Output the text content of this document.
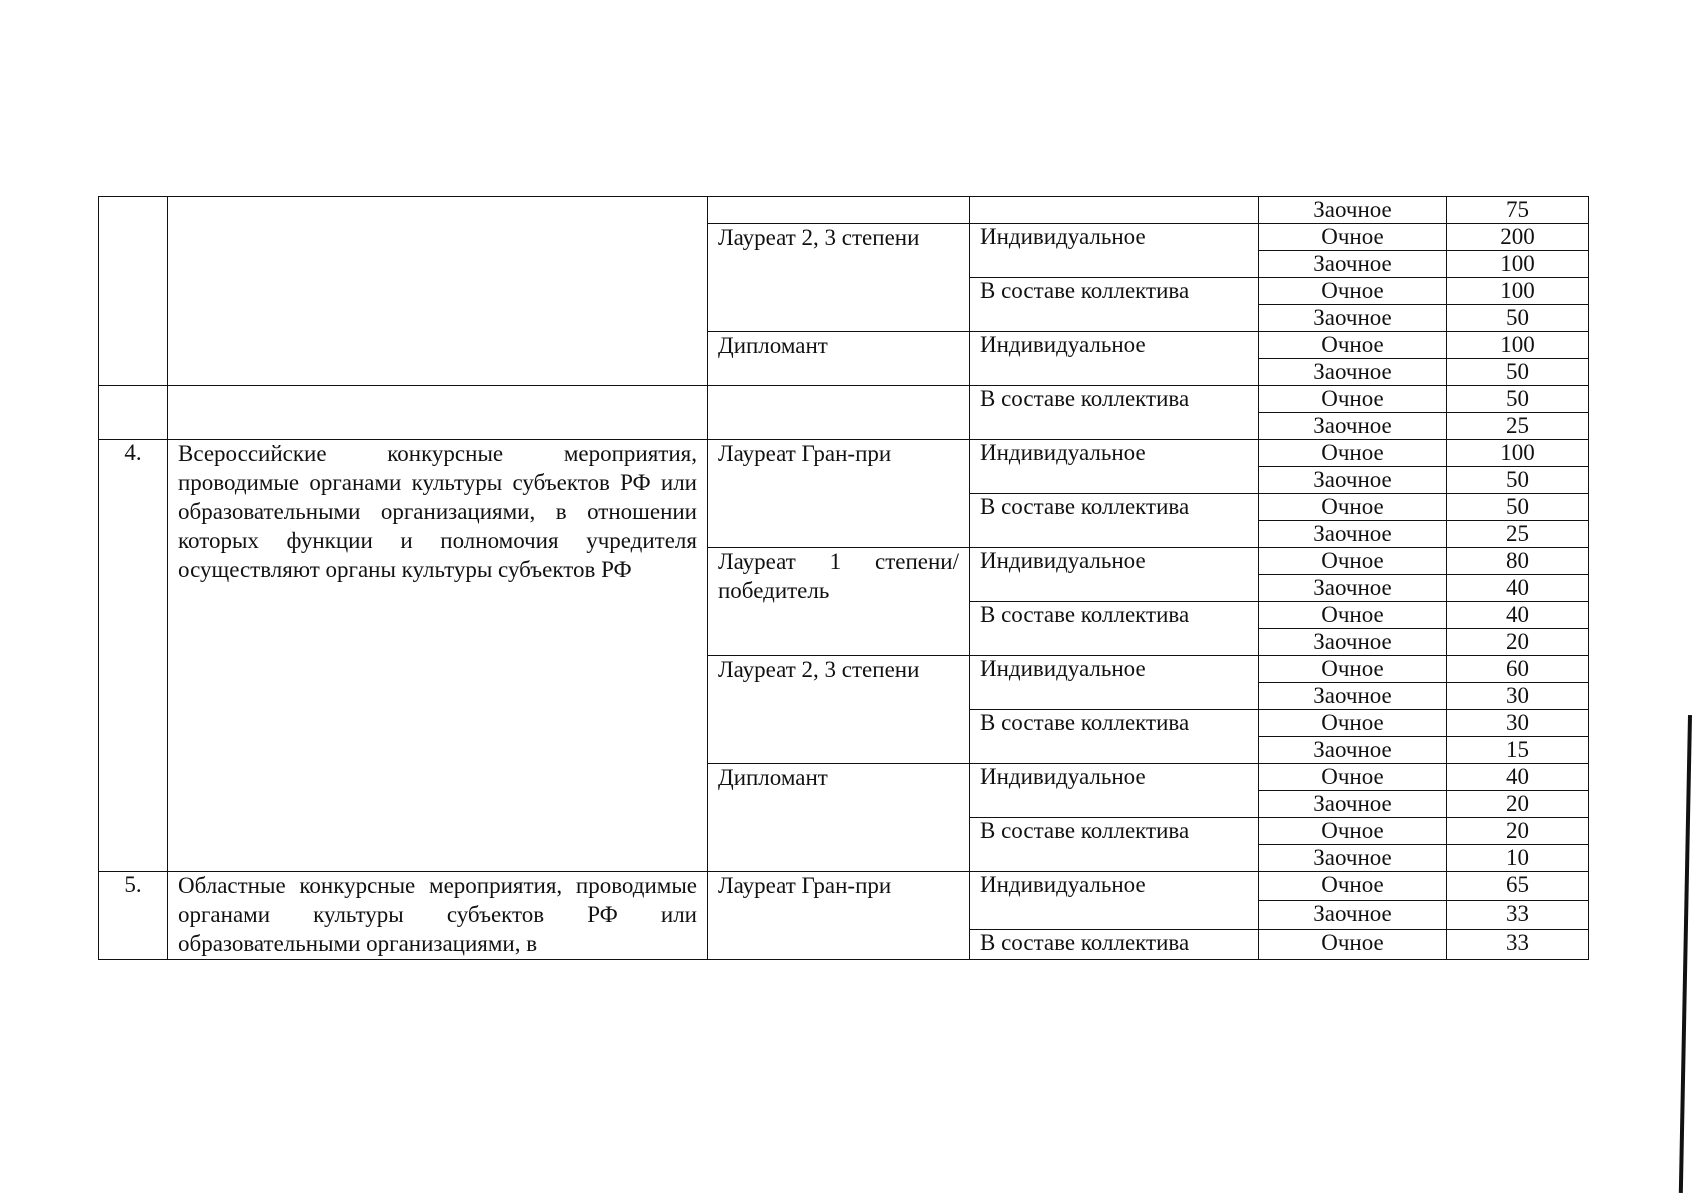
				Заочное	75
		Лауреат 2, 3 степени	Индивидуальное	Очное	200
				Заочное	100
			В составе коллектива	Очное	100
				Заочное	50
		Дипломант	Индивидуальное	Очное	100
				Заочное	50
			В составе коллектива	Очное	50
				Заочное	25
4.	Всероссийские конкурсные мероприятия, проводимые органами культуры субъектов РФ или образовательными организациями, в отношении которых функции и полномочия учредителя осуществляют органы культуры субъектов РФ	Лауреат Гран-при	Индивидуальное	Очное	100
				Заочное	50
			В составе коллектива	Очное	50
				Заочное	25
		Лауреат 1 степени/ победитель	Индивидуальное	Очное	80
				Заочное	40
			В составе коллектива	Очное	40
				Заочное	20
		Лауреат 2, 3 степени	Индивидуальное	Очное	60
				Заочное	30
			В составе коллектива	Очное	30
				Заочное	15
		Дипломант	Индивидуальное	Очное	40
				Заочное	20
			В составе коллектива	Очное	20
				Заочное	10
5.	Областные конкурсные мероприятия, проводимые органами культуры субъектов РФ или образовательными организациями, в	Лауреат Гран-при	Индивидуальное	Очное	65
				Заочное	33
			В составе коллектива	Очное	33
